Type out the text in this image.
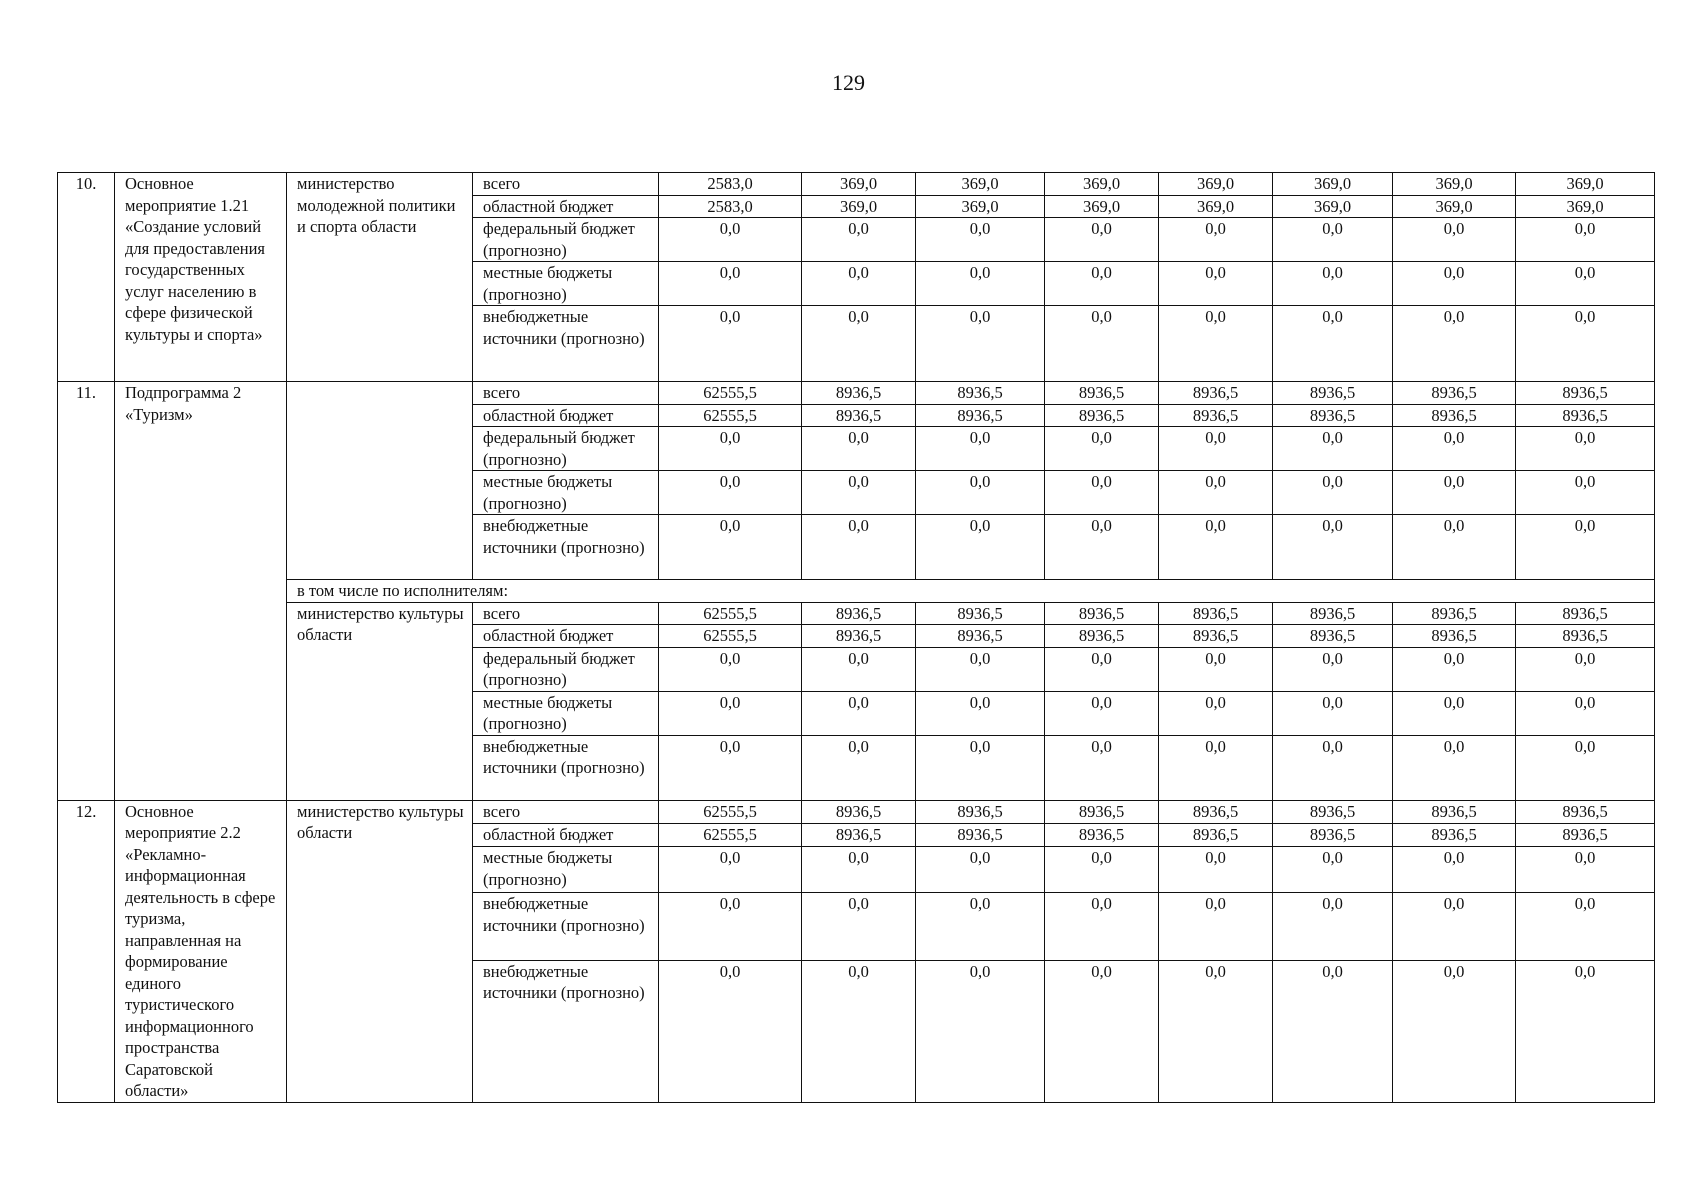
129
10.	Основное мероприятие 1.21 «Создание условий для предоставления государственных услуг населению в сфере физической культуры и спорта»	министерство молодежной политики и спорта области	всего	2583,0	369,0	369,0	369,0	369,0	369,0	369,0	369,0
			областной бюджет	2583,0	369,0	369,0	369,0	369,0	369,0	369,0	369,0
			федеральный бюджет (прогнозно)	0,0	0,0	0,0	0,0	0,0	0,0	0,0	0,0
			местные бюджеты (прогнозно)	0,0	0,0	0,0	0,0	0,0	0,0	0,0	0,0
			внебюджетные источники (прогнозно)	0,0	0,0	0,0	0,0	0,0	0,0	0,0	0,0
11.	Подпрограмма 2 «Туризм»		всего	62555,5	8936,5	8936,5	8936,5	8936,5	8936,5	8936,5	8936,5
			областной бюджет	62555,5	8936,5	8936,5	8936,5	8936,5	8936,5	8936,5	8936,5
			федеральный бюджет (прогнозно)	0,0	0,0	0,0	0,0	0,0	0,0	0,0	0,0
			местные бюджеты (прогнозно)	0,0	0,0	0,0	0,0	0,0	0,0	0,0	0,0
			внебюджетные источники (прогнозно)	0,0	0,0	0,0	0,0	0,0	0,0	0,0	0,0
		в том числе по исполнителям:									
		министерство культуры области	всего	62555,5	8936,5	8936,5	8936,5	8936,5	8936,5	8936,5	8936,5
			областной бюджет	62555,5	8936,5	8936,5	8936,5	8936,5	8936,5	8936,5	8936,5
			федеральный бюджет (прогнозно)	0,0	0,0	0,0	0,0	0,0	0,0	0,0	0,0
			местные бюджеты (прогнозно)	0,0	0,0	0,0	0,0	0,0	0,0	0,0	0,0
			внебюджетные источники (прогнозно)	0,0	0,0	0,0	0,0	0,0	0,0	0,0	0,0
12.	Основное мероприятие 2.2 «Рекламно-информационная деятельность в сфере туризма, направленная на формирование единого туристического информационного пространства Саратовской области»	министерство культуры области	всего	62555,5	8936,5	8936,5	8936,5	8936,5	8936,5	8936,5	8936,5
			областной бюджет	62555,5	8936,5	8936,5	8936,5	8936,5	8936,5	8936,5	8936,5
			местные бюджеты (прогнозно)	0,0	0,0	0,0	0,0	0,0	0,0	0,0	0,0
			внебюджетные источники (прогнозно)	0,0	0,0	0,0	0,0	0,0	0,0	0,0	0,0
			внебюджетные источники (прогнозно)	0,0	0,0	0,0	0,0	0,0	0,0	0,0	0,0
